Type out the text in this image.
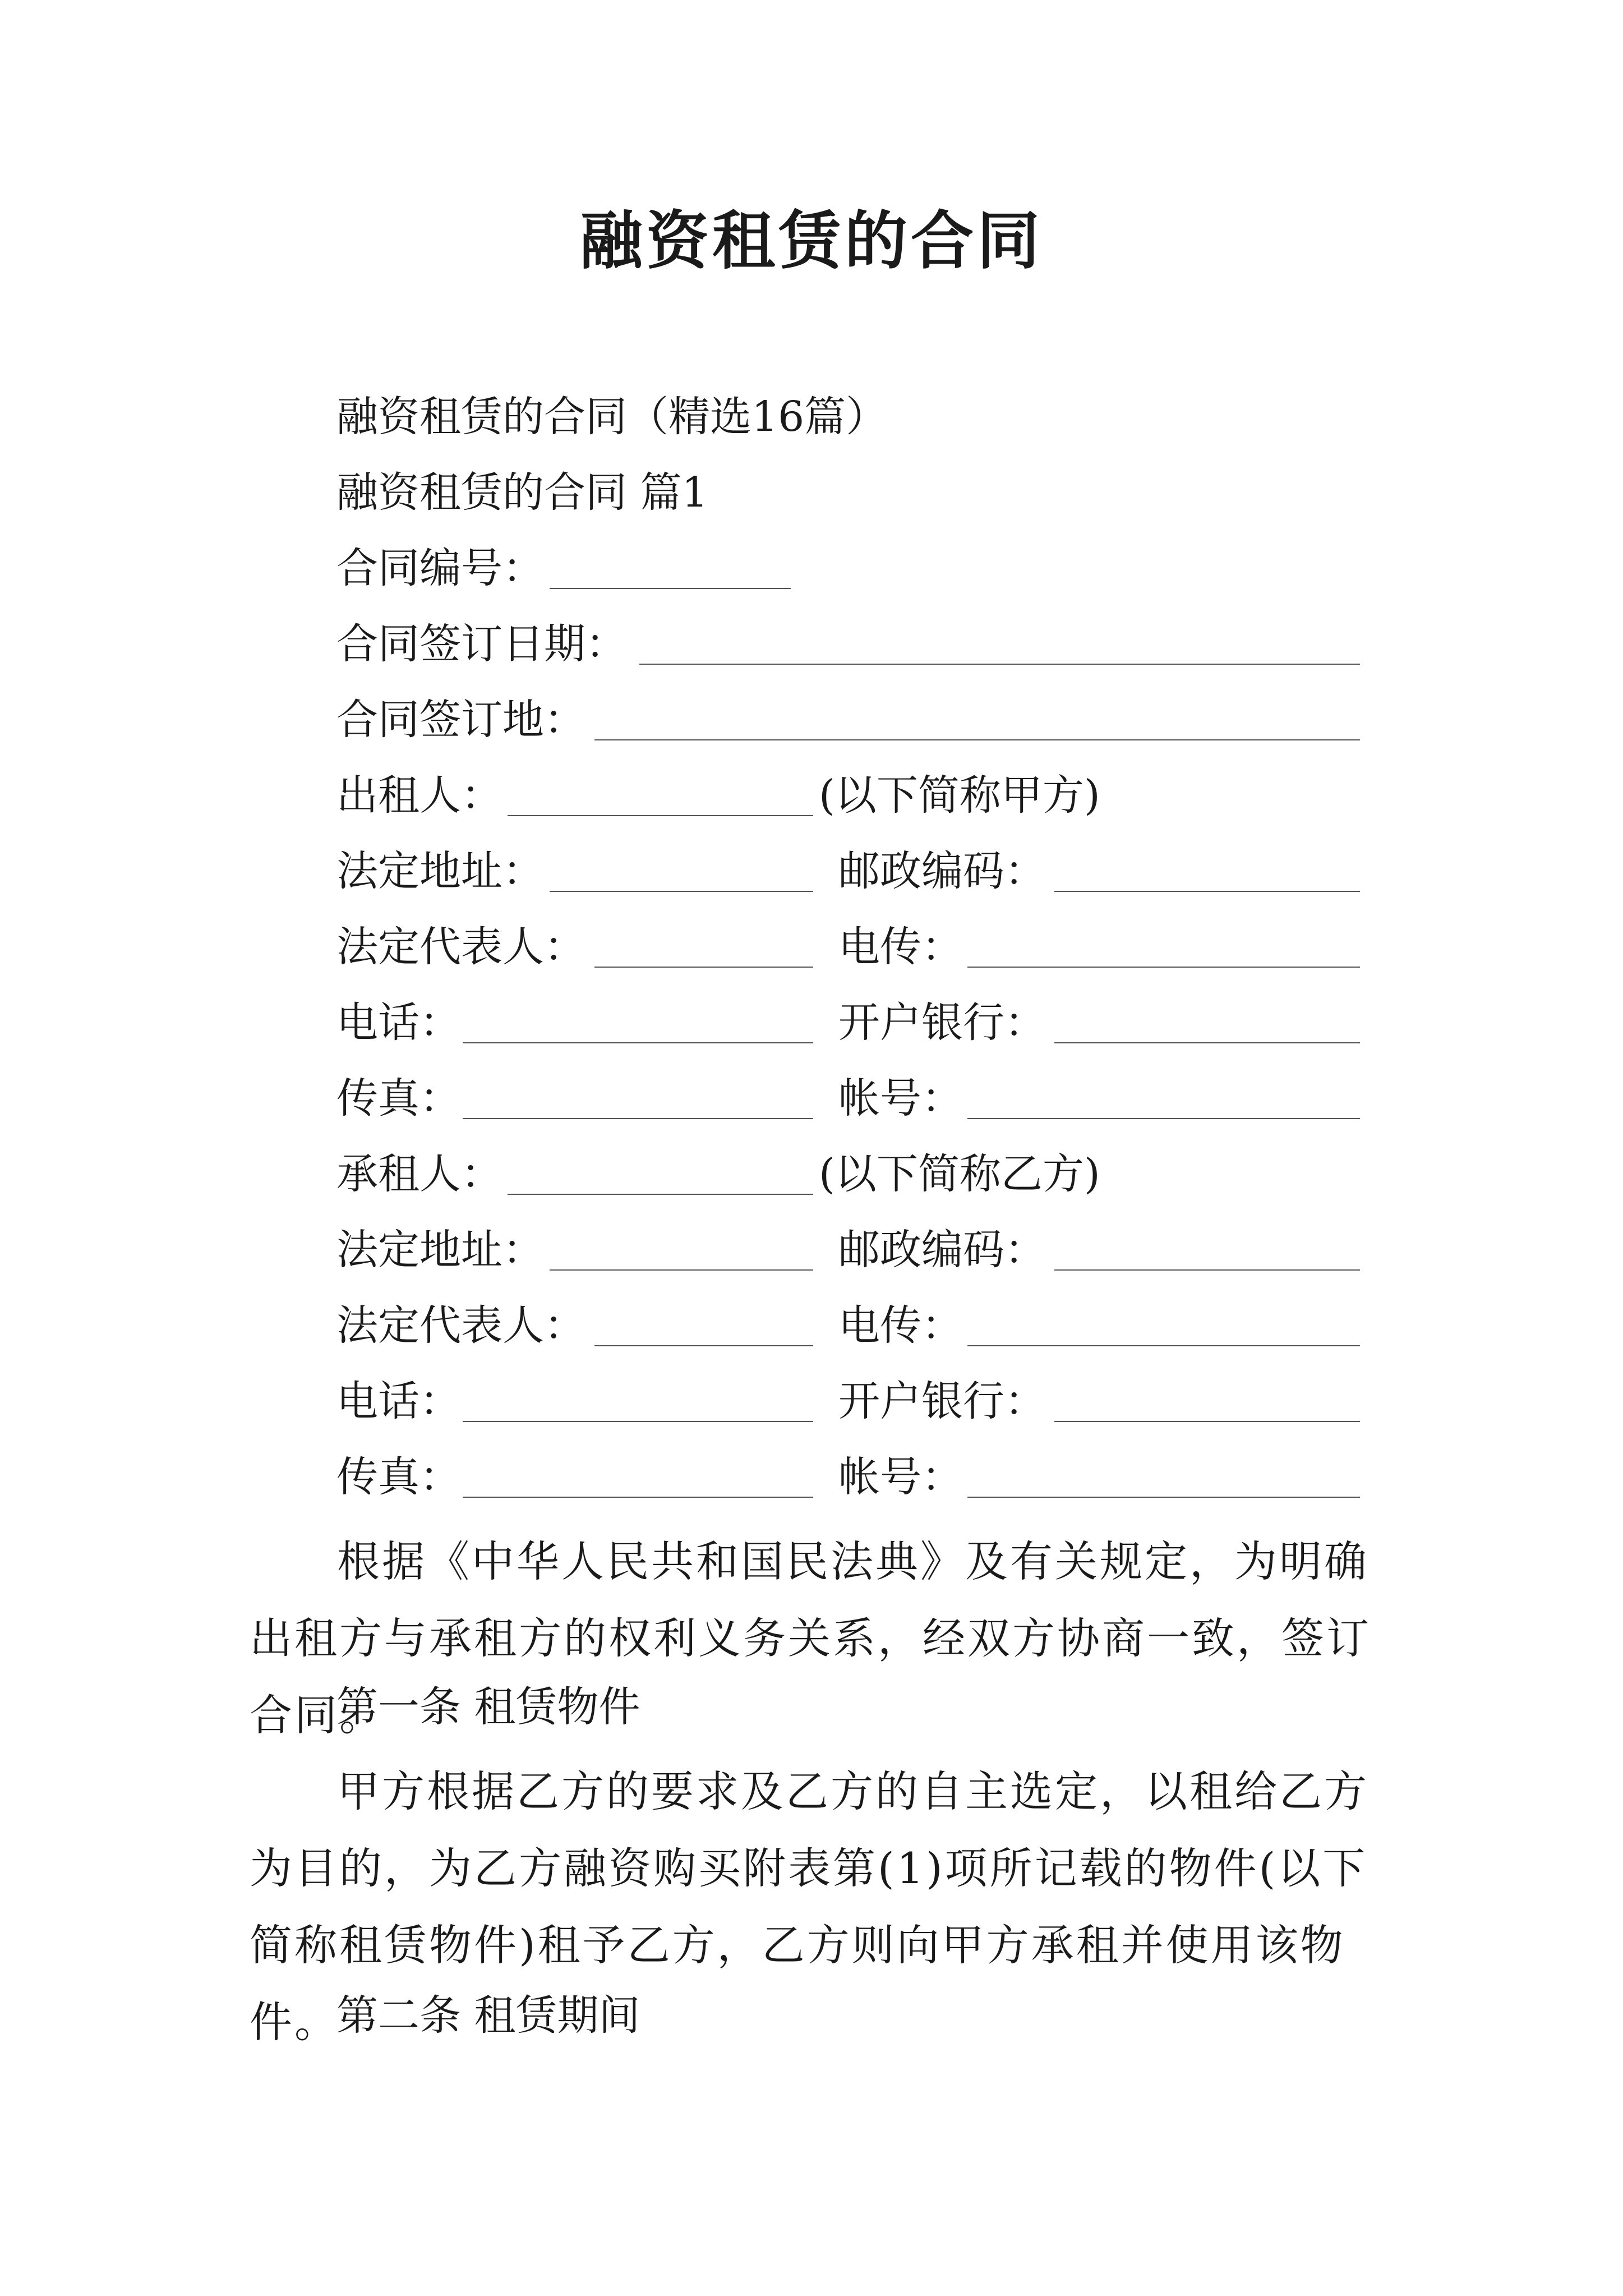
融资租赁的合同
融资租赁的合同（精选16篇）
融资租赁的合同 篇1
合同编号：
合同签订日期：
合同签订地：
出租人：	(以下简称甲方)
法定地址：	邮政编码：
法定代表人：	电传：
电话：	开户银行：
传真：	帐号：
承租人：	(以下简称乙方)
法定地址：	邮政编码：
法定代表人：	电传：
电话：	开户银行：
传真：	帐号：
根据《中华人民共和国民法典》及有关规定，为明确出租方与承租方的权利义务关系，经双方协商一致，签订合同。
第一条 租赁物件
甲方根据乙方的要求及乙方的自主选定，以租给乙方为目的，为乙方融资购买附表第(1)项所记载的物件(以下简称租赁物件)租予乙方，乙方则向甲方承租并使用该物件。
第二条 租赁期间
